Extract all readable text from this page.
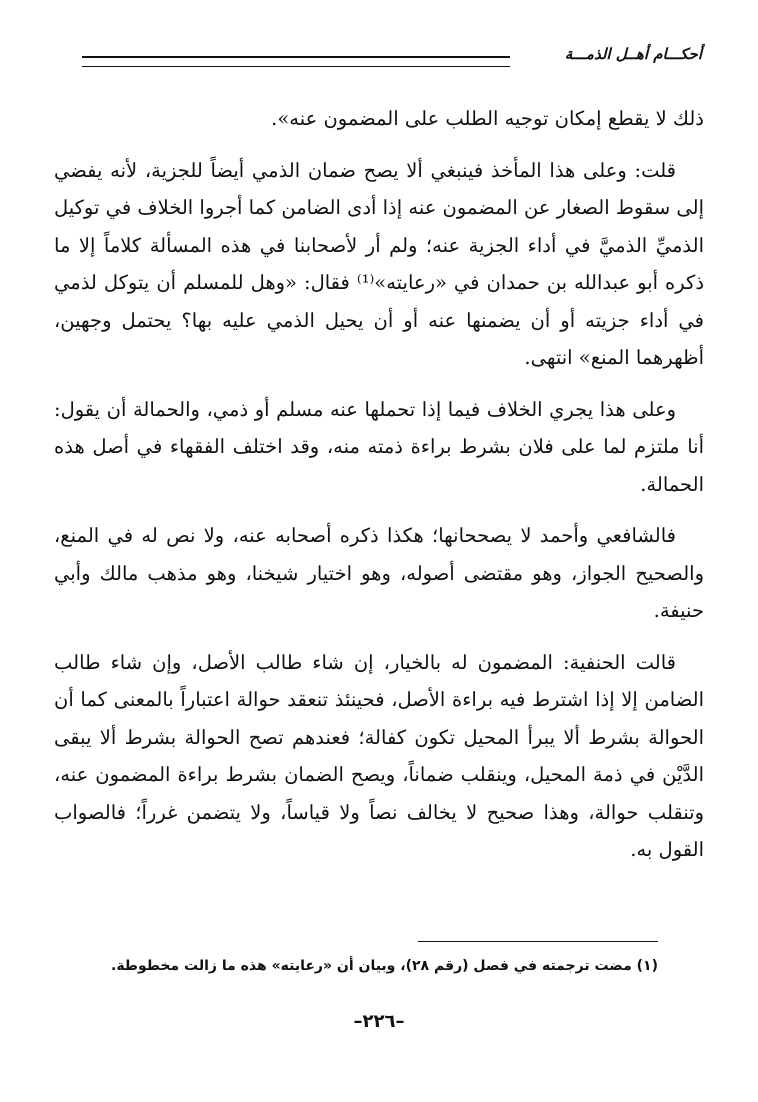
أحكـــام أهــل الذمـــة

ذلك لا يقطع إمكان توجيه الطلب على المضمون عنه».

قلت: وعلى هذا المأخذ فينبغي ألا يصح ضمان الذمي أيضاً للجزية، لأنه يفضي إلى سقوط الصغار عن المضمون عنه إذا أدى الضامن كما أجروا الخلاف في توكيل الذميِّ الذميَّ في أداء الجزية عنه؛ ولم أر لأصحابنا في هذه المسألة كلاماً إلا ما ذكره أبو عبدالله بن حمدان في «رعايته»⁽¹⁾ فقال: «وهل للمسلم أن يتوكل لذمي في أداء جزيته أو أن يضمنها عنه أو أن يحيل الذمي عليه بها؟ يحتمل وجهين، أظهرهما المنع» انتهى.

وعلى هذا يجري الخلاف فيما إذا تحملها عنه مسلم أو ذمي، والحمالة أن يقول: أنا ملتزم لما على فلان بشرط براءة ذمته منه، وقد اختلف الفقهاء في أصل هذه الحمالة.

فالشافعي وأحمد لا يصححانها؛ هكذا ذكره أصحابه عنه، ولا نص له في المنع، والصحيح الجواز، وهو مقتضى أصوله، وهو اختيار شيخنا، وهو مذهب مالك وأبي حنيفة.

قالت الحنفية: المضمون له بالخيار، إن شاء طالب الأصل، وإن شاء طالب الضامن إلا إذا اشترط فيه براءة الأصل، فحينئذ تنعقد حوالة اعتباراً بالمعنى كما أن الحوالة بشرط ألا يبرأ المحيل تكون كفالة؛ فعندهم تصح الحوالة بشرط ألا يبقى الدَّيْن في ذمة المحيل، وينقلب ضماناً، ويصح الضمان بشرط براءة المضمون عنه، وتنقلب حوالة، وهذا صحيح لا يخالف نصاً ولا قياساً، ولا يتضمن غرراً؛ فالصواب القول به.

(١) مضت ترجمته في فصل (رقم ٢٨)، وبيان أن «رعايته» هذه ما زالت مخطوطة.
–٢٢٦–
